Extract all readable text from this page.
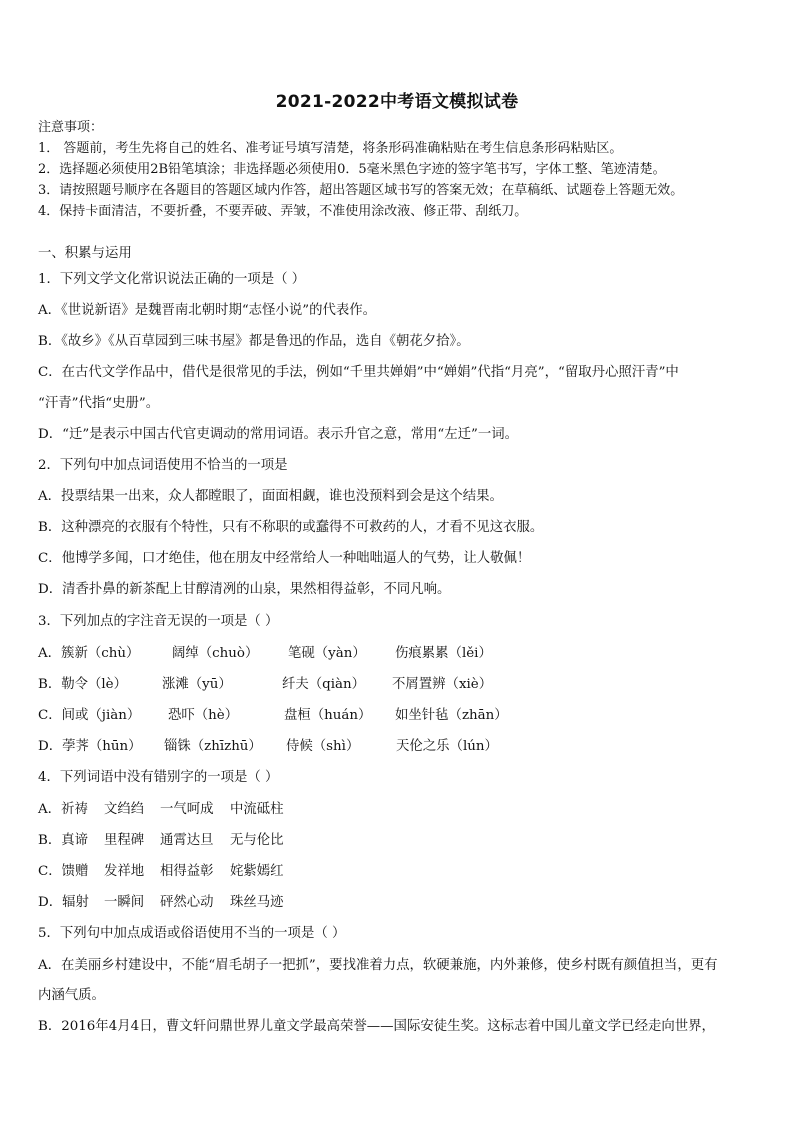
2021-2022中考语文模拟试卷
注意事项：
1． 答题前，考生先将自己的姓名、准考证号填写清楚，将条形码准确粘贴在考生信息条形码粘贴区。
2．选择题必须使用2B铅笔填涂；非选择题必须使用0．5毫米黑色字迹的签字笔书写，字体工整、笔迹清楚。
3．请按照题号顺序在各题目的答题区域内作答，超出答题区域书写的答案无效；在草稿纸、试题卷上答题无效。
4．保持卡面清洁，不要折叠，不要弄破、弄皱，不准使用涂改液、修正带、刮纸刀。
一、积累与运用
1．下列文学文化常识说法正确的一项是（ ）
A．《世说新语》是魏晋南北朝时期“志怪小说”的代表作。
B．《故乡》《从百草园到三味书屋》都是鲁迅的作品，选自《朝花夕拾》。
C．在古代文学作品中，借代是很常见的手法，例如“千里共婵娟”中“婵娟”代指“月亮”，“留取丹心照汗青”中
“汗青”代指“史册”。
D．“迁”是表示中国古代官吏调动的常用词语。表示升官之意，常用“左迁”一词。
2．下列句中加点词语使用不恰当的一项是
A．投票结果一出来，众人都瞠眼了，面面相觑，谁也没预料到会是这个结果。
B．这种漂亮的衣服有个特性，只有不称职的或蠢得不可救药的人，才看不见这衣服。
C．他博学多闻，口才绝佳，他在朋友中经常给人一种咄咄逼人的气势，让人敬佩！
D．清香扑鼻的新茶配上甘醇清冽的山泉，果然相得益彰，不同凡响。
3．下列加点的字注音无误的一项是（ ）
A．簇新（chù） 阔绰（chuò） 笔砚（yàn） 伤痕累累（lěi）
B．勒令（lè）	涨滩（yū）	纤夫（qiàn） 不屑置辨（xiè）
C．间或（jiàn） 恐吓（hè）	盘桓（huán） 如坐针毡（zhān）
D．荸荠（hūn） 锱铢（zhīzhū） 侍候（shì）	天伦之乐（lún）
4．下列词语中没有错别字的一项是（ ）
A．祈祷 文绉绉 一气呵成 中流砥柱
B．真谛 里程碑 通霄达旦 无与伦比
C．馈赠 发祥地 相得益彰 姹紫嫣红
D．辐射 一瞬间 砰然心动 珠丝马迹
5．下列句中加点成语或俗语使用不当的一项是（ ）
A．在美丽乡村建设中，不能“眉毛胡子一把抓”，要找准着力点，软硬兼施，内外兼修，使乡村既有颜值担当，更有
内涵气质。
B．2016年4月4日，曹文轩问鼎世界儿童文学最高荣誉——国际安徒生奖。这标志着中国儿童文学已经走向世界，
